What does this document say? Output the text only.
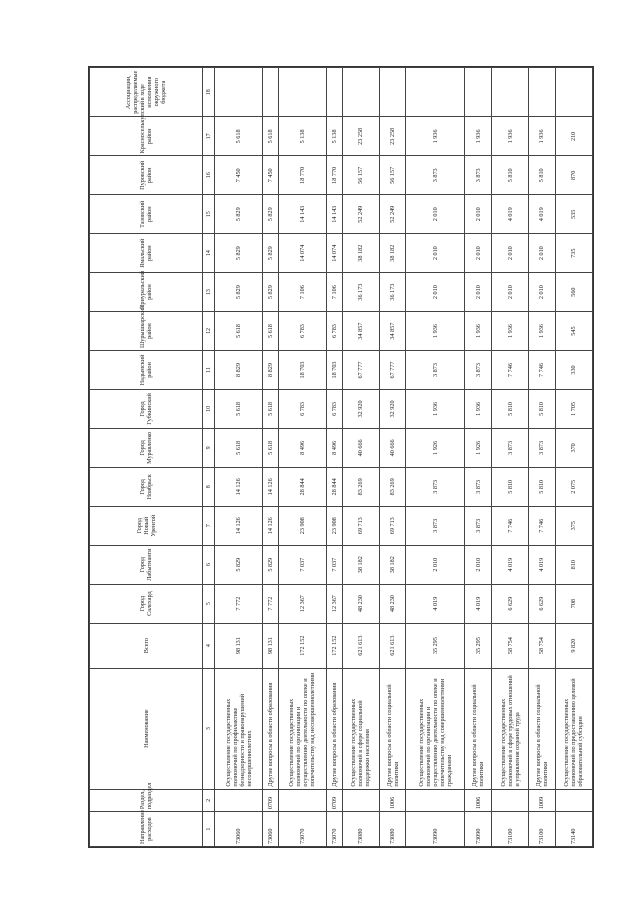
Направление расходов	Раздел, подраздел	Наименование	Всего	Город Салехард	Город Лабытнанги	Город Новый Уренгой	Город Ноябрьск	Город Муравленко	Город Губкинский	Надымский район	Шурышкарский район	Приуральский район	Ямальский район	Тазовский район	Пуровский район	Красноселькупский район	Ассоциации, распределяемые в ходе исполнения окружного бюджета
1	2	3	4	5	6	7	8	9	10	11	12	13	14	15	16	17	18
73060		Осуществление государственных полномочий по профилактике безнадзорности и правонарушений несовершеннолетних	98 131	7 772	5 829	14 126	14 126	5 618	5 618	8 829	5 618	5 829	5 829	5 829	7 450	5 618	
73060	0709	Другие вопросы в области образования	98 131	7 772	5 829	14 126	14 126	5 618	5 618	8 829	5 618	5 829	5 829	5 829	7 450	5 618	
73070		Осуществление государственных полномочий по организации и осуществлению деятельности по опеке и попечительству над несовершеннолетними	172 152	12 367	7 037	23 908	28 844	8 496	6 783	18 703	6 783	7 106	14 074	14 143	18 770	5 138	
73070	0709	Другие вопросы в области образования	172 152	12 367	7 037	23 908	28 844	8 496	6 783	18 703	6 783	7 106	14 074	14 143	18 770	5 138	
73080		Осуществление государственных полномочий в сфере социальной поддержки населения	621 613	48 230	38 182	69 713	83 269	40 666	32 920	67 777	34 857	36 173	38 182	52 249	56 157	23 258	
73080	1006	Другие вопросы в области социальной политики	621 613	48 230	38 182	69 713	83 269	40 666	32 920	67 777	34 857	36 173	38 182	52 249	56 157	23 258	
73090		Осуществление государственных полномочий по организации и осуществлению деятельности по опеке и попечительству над совершеннолетними гражданами	35 295	4 019	2 010	3 873	3 873	1 926	1 936	3 873	1 936	2 010	2 010	2 010	3 873	1 936	
73090	1006	Другие вопросы в области социальной политики	35 295	4 019	2 010	3 873	3 873	1 926	1 936	3 873	1 936	2 010	2 010	2 010	3 873	1 936	
73100		Осуществление государственных полномочий в сфере трудовых отношений и управления охраной труда	58 754	6 629	4 019	7 746	5 810	3 873	5 810	7 746	1 936	2 010	2 010	4 019	5 810	1 936	
73100	1009	Другие вопросы в области социальной политики	58 754	6 629	4 019	7 746	5 810	3 873	5 810	7 746	1 936	2 010	2 010	4 019	5 810	1 936	
73140		Осуществление государственных полномочий по предоставлению целевой образовательной субсидии	9 820	708	810	375	2 075	370	1 705	330	545	560	735	535	870	210	
